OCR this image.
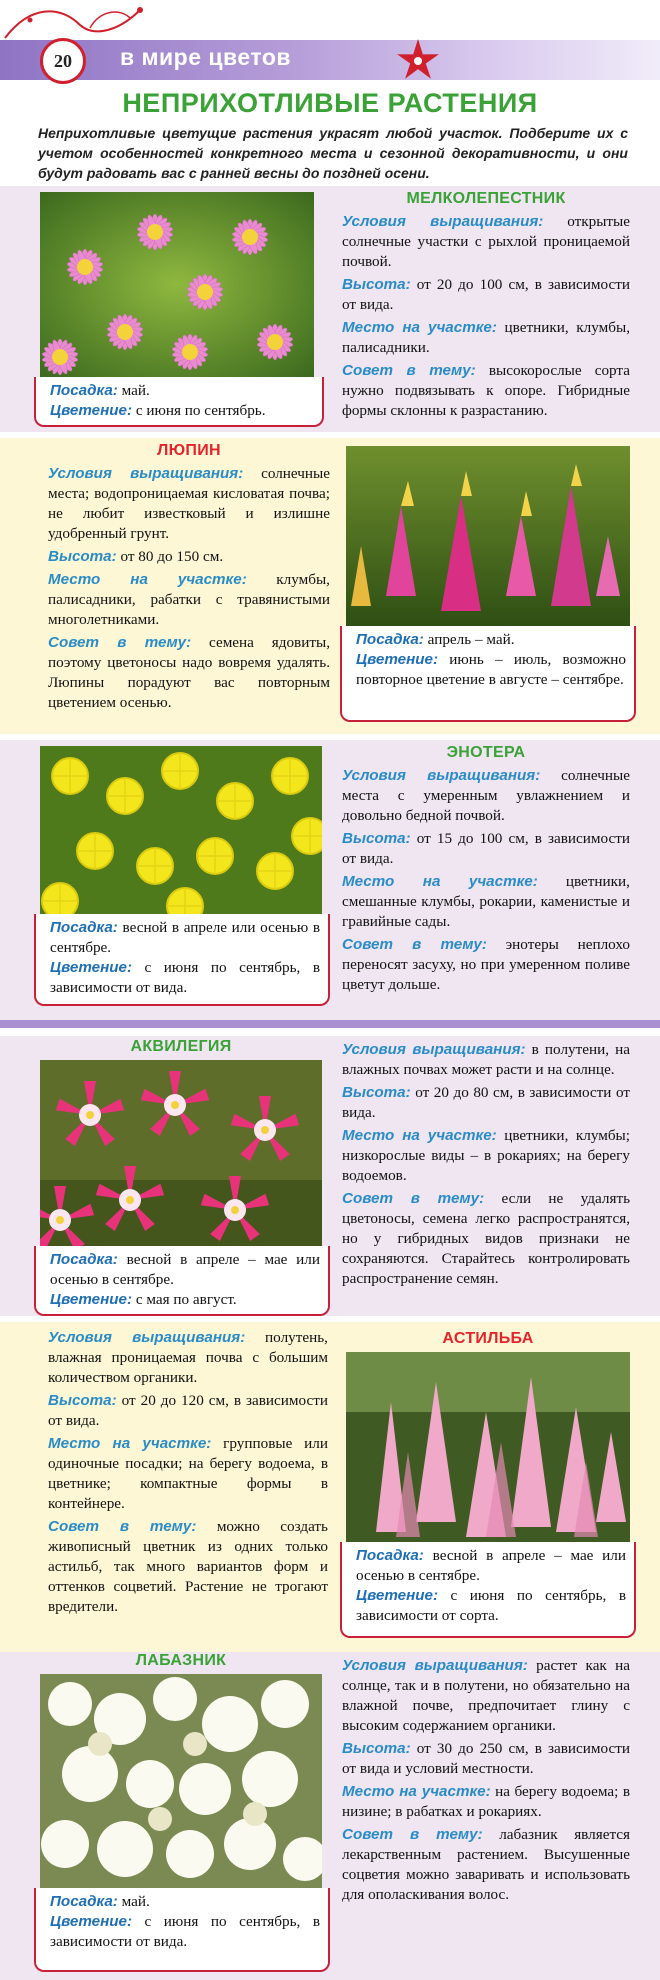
20 в мире цветов
НЕПРИХОТЛИВЫЕ РАСТЕНИЯ
Неприхотливые цветущие растения украсят любой участок. Подберите их с учетом особенностей конкретного места и сезонной декоративности, и они будут радовать вас с ранней весны до поздней осени.
Посадка: май.
Цветение: с июня по сентябрь.
МЕЛКОЛЕПЕСТНИК

Условия выращивания: открытые солнечные участки с рыхлой проницаемой почвой.

Высота: от 20 до 100 см, в зависимости от вида.

Место на участке: цветники, клумбы, палисадники.

Совет в тему: высокорослые сорта нужно подвязывать к опоре. Гибридные формы склонны к разрастанию.

ЛЮПИН

Условия выращивания: солнечные места; водопроницаемая кисловатая почва; не любит известковый и излишне удобренный грунт.

Высота: от 80 до 150 см.

Место на участке: клумбы, палисадники, рабатки с травянистыми многолетниками.

Совет в тему: семена ядовиты, поэтому цветоносы надо вовремя удалять. Люпины порадуют вас повторным цветением осенью.

Посадка: апрель – май.
Цветение: июнь – июль, возможно повторное цветение в августе – сентябре.
Посадка: весной в апреле или осенью в сентябре.
Цветение: с июня по сентябрь, в зависимости от вида.
ЭНОТЕРА

Условия выращивания: солнечные места с умеренным увлажнением и довольно бедной почвой.

Высота: от 15 до 100 см, в зависимости от вида.

Место на участке: цветники, смешанные клумбы, рокарии, каменистые и гравийные сады.

Совет в тему: энотеры неплохо переносят засуху, но при умеренном поливе цветут дольше.

АКВИЛЕГИЯ
Посадка: весной в апреле – мае или осенью в сентябре.
Цветение: с мая по август.

Условия выращивания: в полутени, на влажных почвах может расти и на солнце.

Высота: от 20 до 80 см, в зависимости от вида.

Место на участке: цветники, клумбы; низкорослые виды – в рокариях; на берегу водоемов.

Совет в тему: если не удалять цветоносы, семена легко распространятся, но у гибридных видов признаки не сохраняются. Старайтесь контролировать распространение семян.

Условия выращивания: полутень, влажная проницаемая почва с большим количеством органики.

Высота: от 20 до 120 см, в зависимости от вида.

Место на участке: групповые или одиночные посадки; на берегу водоема, в цветнике; компактные формы в контейнере.

Совет в тему: можно создать живописный цветник из одних только астильб, так много вариантов форм и оттенков соцветий. Растение не трогают вредители.

АСТИЛЬБА
Посадка: весной в апреле – мае или осенью в сентябре.
Цветение: с июня по сентябрь, в зависимости от сорта.
ЛАБАЗНИК
Посадка: май.
Цветение: с июня по сентябрь, в зависимости от вида.

Условия выращивания: растет как на солнце, так и в полутени, но обязательно на влажной почве, предпочитает глину с высоким содержанием органики.

Высота: от 30 до 250 см, в зависимости от вида и условий местности.

Место на участке: на берегу водоема; в низине; в рабатках и рокариях.

Совет в тему: лабазник является лекарственным растением. Высушенные соцветия можно заваривать и использовать для ополаскивания волос.
